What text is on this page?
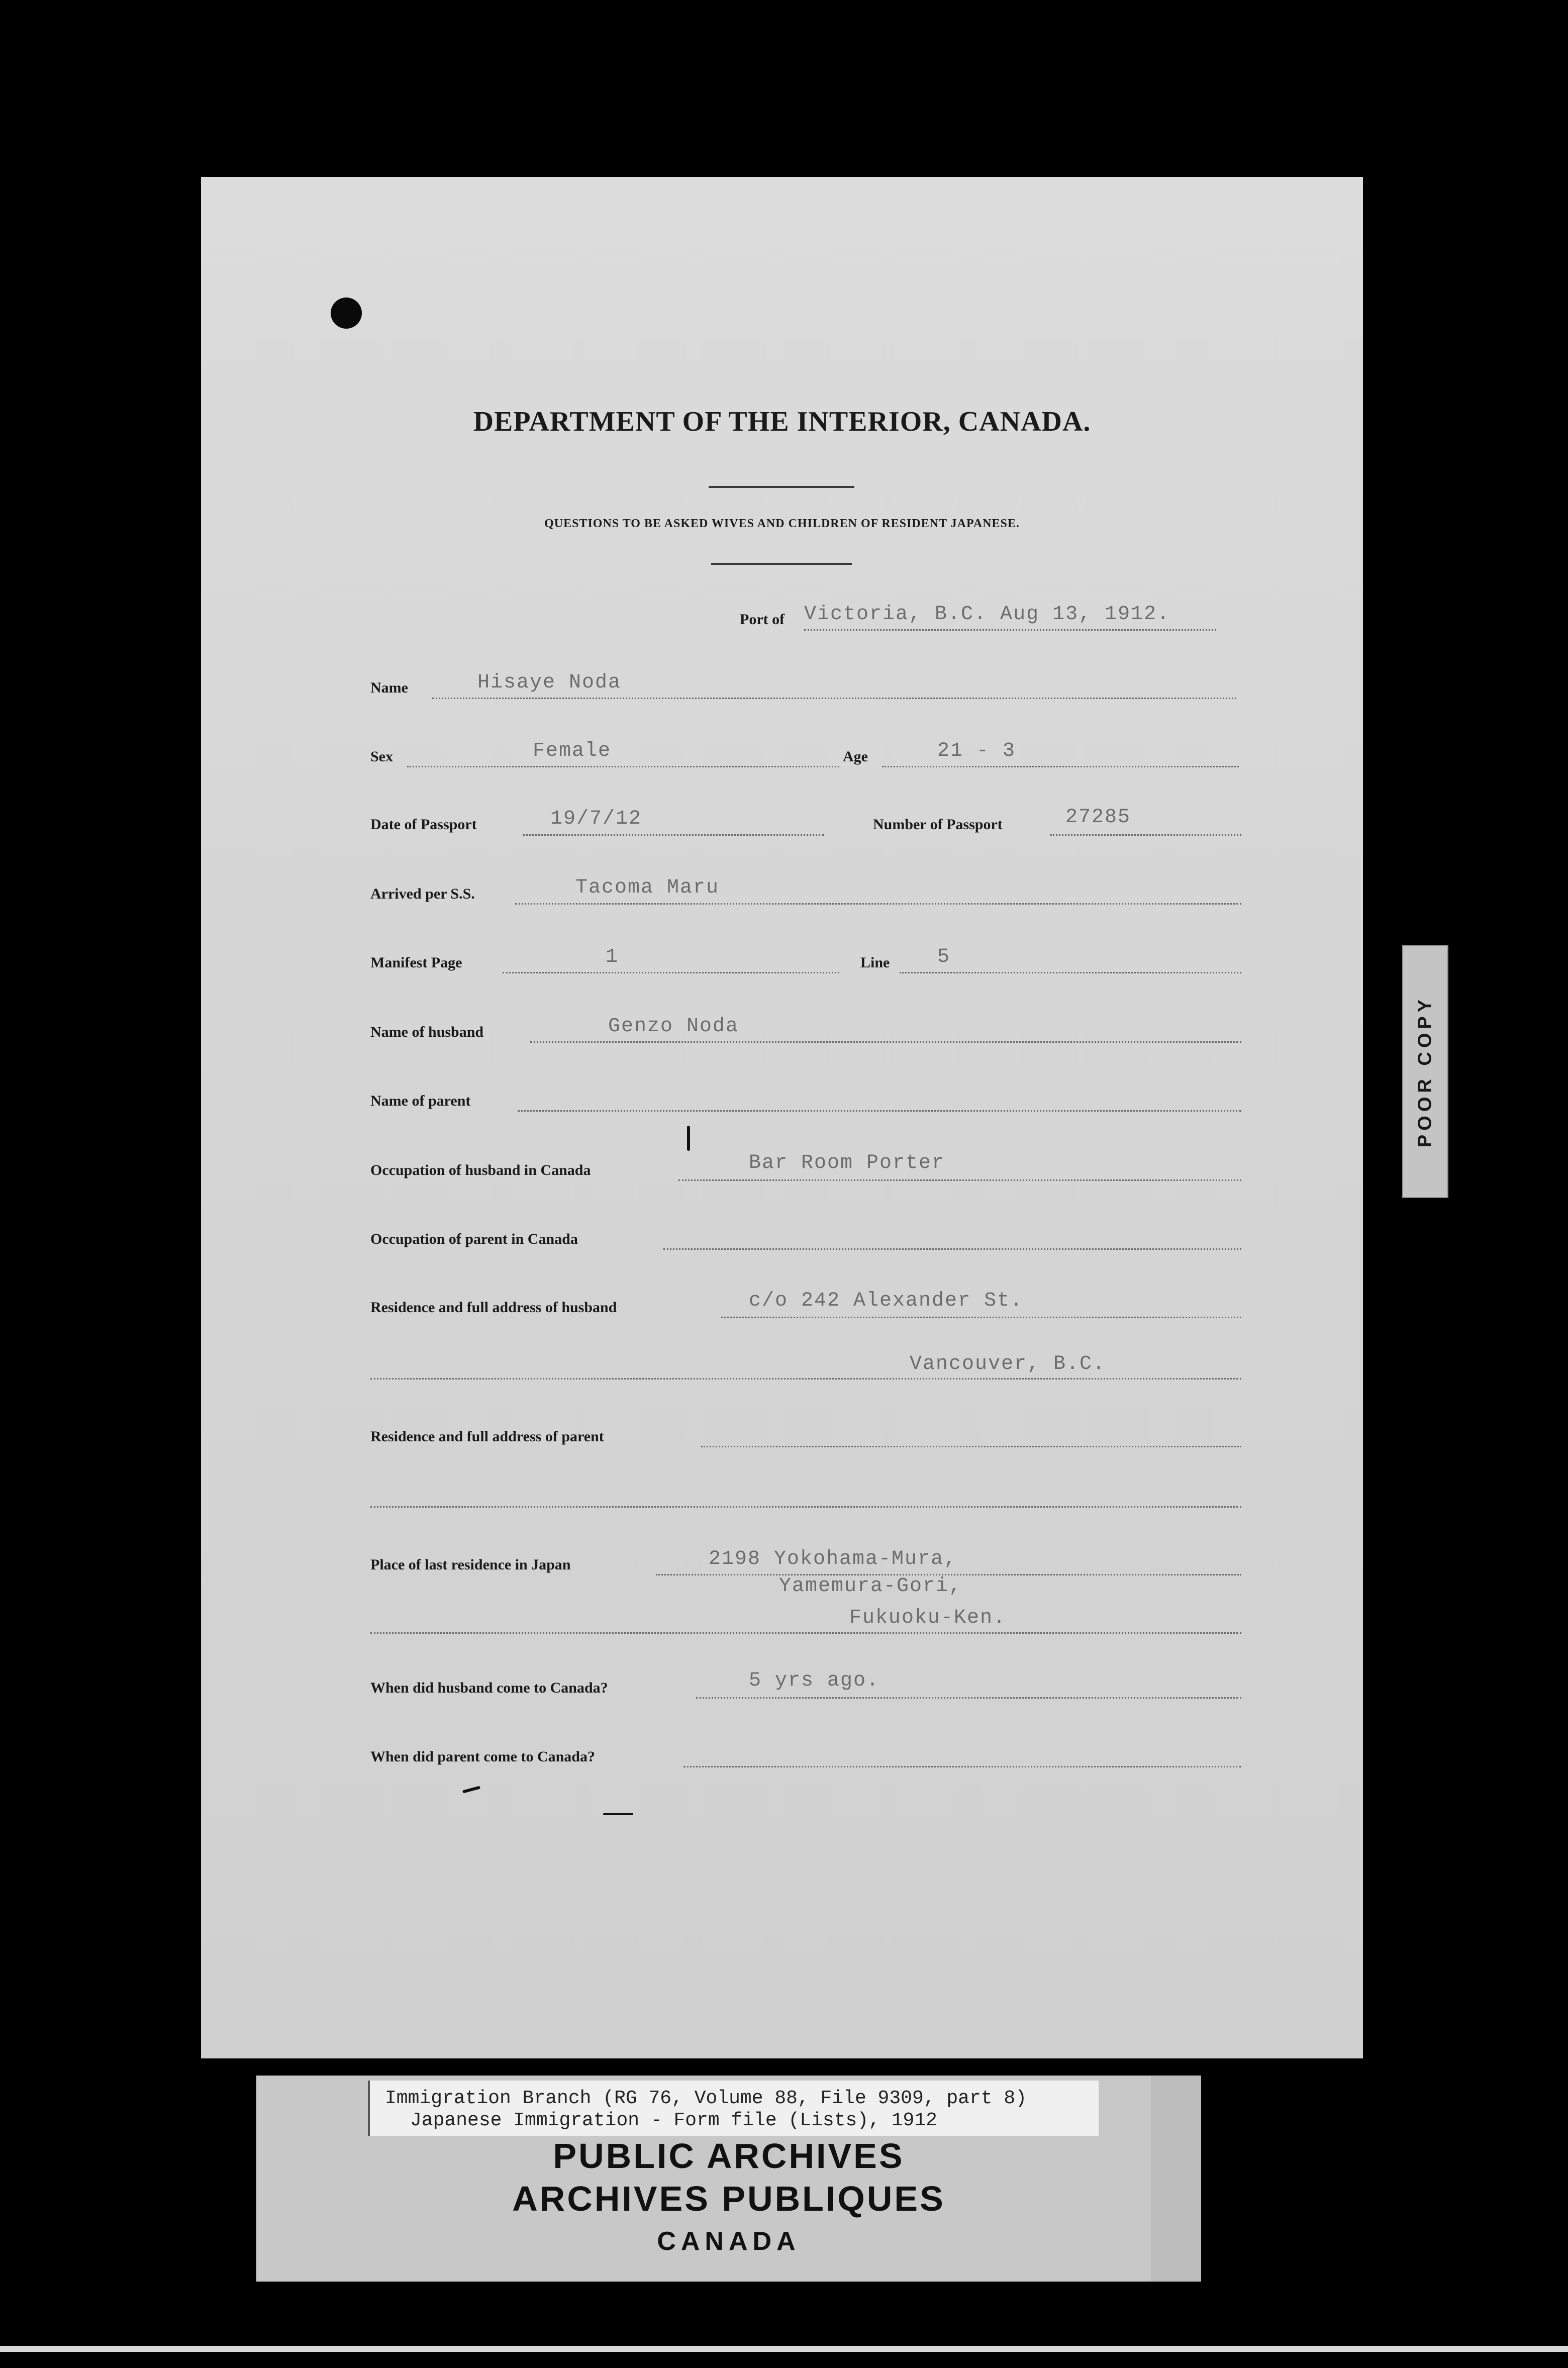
DEPARTMENT OF THE INTERIOR, CANADA.
QUESTIONS TO BE ASKED WIVES AND CHILDREN OF RESIDENT JAPANESE.
Port of Victoria, B.C. Aug 13, 1912.
Name	Hisaye Noda
Sex	Female	Age	21 - 3
Date of Passport	19/7/12	Number of Passport	27285
Arrived per S.S.	Tacoma Maru
Manifest Page	1	Line 5
Name of husband	Genzo Noda
Name of parent
Occupation of husband in Canada	Bar Room Porter
Occupation of parent in Canada
Residence and full address of husband	c/o 242 Alexander St.
Vancouver, B.C.
Residence and full address of parent
Place of last residence in Japan	2198 Yokohama-Mura,
Yamemura-Gori,
Fukuoku-Ken.
When did husband come to Canada?	5 yrs ago.
When did parent come to Canada?
POOR COPY
Immigration Branch (RG 76, Volume 88, File 9309, part 8)
Japanese Immigration - Form file (Lists), 1912
PUBLIC ARCHIVES
ARCHIVES PUBLIQUES
CANADA
